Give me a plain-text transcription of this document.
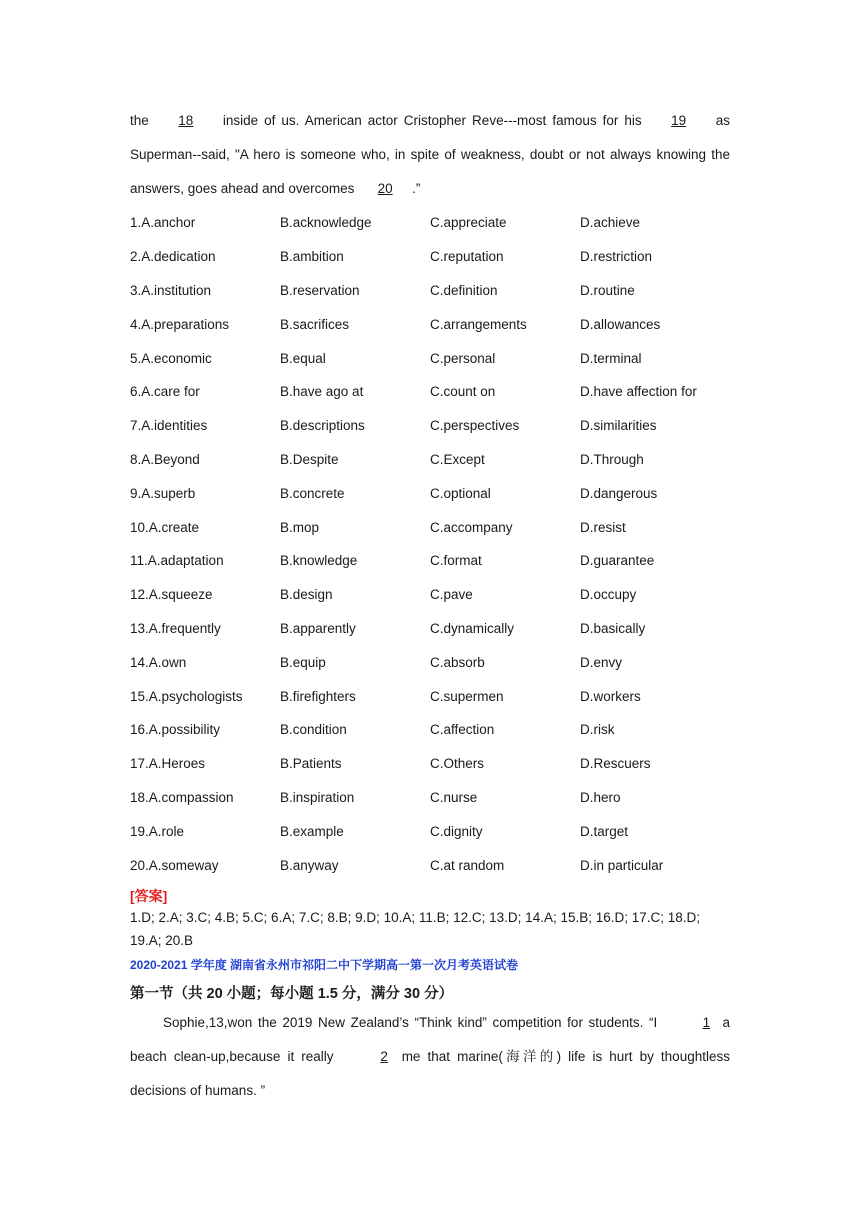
the 18 inside of us. American actor Cristopher Reve---most famous for his 19 as Superman--said, "A hero is someone who, in spite of weakness, doubt or not always knowing the answers, goes ahead and overcomes 20 .”

1.A.anchor	B.acknowledge	C.appreciate	D.achieve
2.A.dedication	B.ambition	C.reputation	D.restriction
3.A.institution	B.reservation	C.definition	D.routine
4.A.preparations	B.sacrifices	C.arrangements	D.allowances
5.A.economic	B.equal	C.personal	D.terminal
6.A.care for	B.have ago at	C.count on	D.have affection for
7.A.identities	B.descriptions	C.perspectives	D.similarities
8.A.Beyond	B.Despite	C.Except	D.Through
9.A.superb	B.concrete	C.optional	D.dangerous
10.A.create	B.mop	C.accompany	D.resist
11.A.adaptation	B.knowledge	C.format	D.guarantee
12.A.squeeze	B.design	C.pave	D.occupy
13.A.frequently	B.apparently	C.dynamically	D.basically
14.A.own	B.equip	C.absorb	D.envy
15.A.psychologists	B.firefighters	C.supermen	D.workers
16.A.possibility	B.condition	C.affection	D.risk
17.A.Heroes	B.Patients	C.Others	D.Rescuers
18.A.compassion	B.inspiration	C.nurse	D.hero
19.A.role	B.example	C.dignity	D.target
20.A.someway	B.anyway	C.at random	D.in particular
[答案]
1.D; 2.A; 3.C; 4.B; 5.C; 6.A; 7.C; 8.B; 9.D; 10.A; 11.B; 12.C; 13.D; 14.A; 15.B; 16.D; 17.C; 18.D; 19.A; 20.B
2020-2021 学年度 湖南省永州市祁阳二中下学期高一第一次月考英语试卷
第一节（共 20 小题；每小题 1.5 分，满分 30 分）

Sophie,13,won the 2019 New Zealand’s “Think kind” competition for students. “I	1 a beach clean-up,because it really	2 me that marine(海洋的) life is hurt by thoughtless decisions of humans. ”
